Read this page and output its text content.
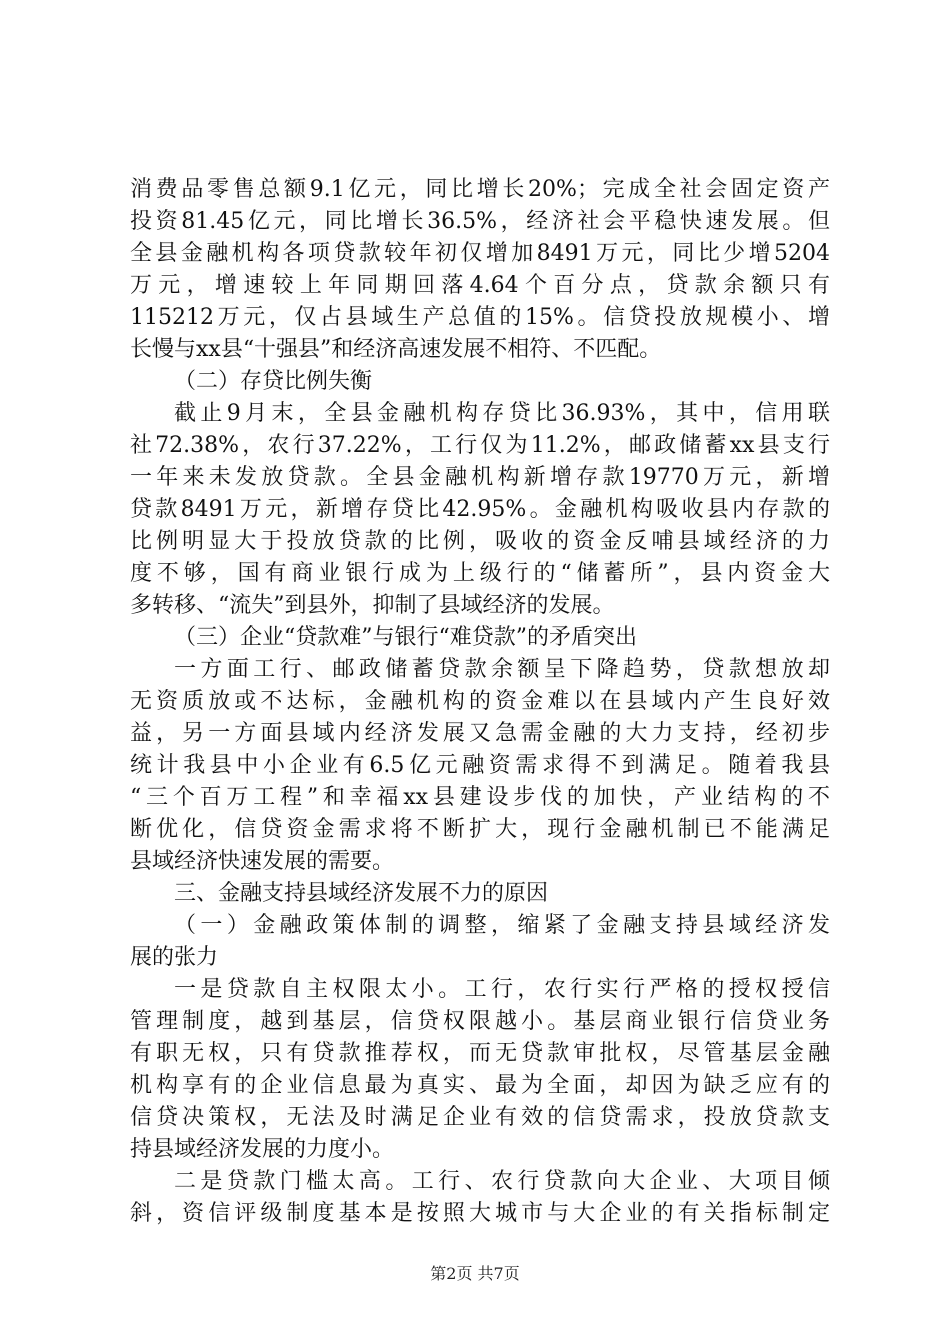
消费品零售总额9.1亿元，同比增长20%；完成全社会固定资产
投资81.45亿元，同比增长36.5%，经济社会平稳快速发展。但
全县金融机构各项贷款较年初仅增加8491万元，同比少增5204
万元，增速较上年同期回落4.64个百分点，贷款余额只有
115212万元，仅占县域生产总值的15%。信贷投放规模小、增
长慢与xx县“十强县”和经济高速发展不相符、不匹配。
（二）存贷比例失衡
截止9月末，全县金融机构存贷比36.93%，其中，信用联
社72.38%，农行37.22%，工行仅为11.2%，邮政储蓄xx县支行
一年来未发放贷款。全县金融机构新增存款19770万元，新增
贷款8491万元，新增存贷比42.95%。金融机构吸收县内存款的
比例明显大于投放贷款的比例，吸收的资金反哺县域经济的力
度不够，国有商业银行成为上级行的“储蓄所”，县内资金大
多转移、“流失”到县外，抑制了县域经济的发展。
（三）企业“贷款难”与银行“难贷款”的矛盾突出
一方面工行、邮政储蓄贷款余额呈下降趋势，贷款想放却
无资质放或不达标，金融机构的资金难以在县域内产生良好效
益，另一方面县域内经济发展又急需金融的大力支持，经初步
统计我县中小企业有6.5亿元融资需求得不到满足。随着我县
“三个百万工程”和幸福xx县建设步伐的加快，产业结构的不
断优化，信贷资金需求将不断扩大，现行金融机制已不能满足
县域经济快速发展的需要。
三、金融支持县域经济发展不力的原因
（一）金融政策体制的调整，缩紧了金融支持县域经济发
展的张力
一是贷款自主权限太小。工行，农行实行严格的授权授信
管理制度，越到基层，信贷权限越小。基层商业银行信贷业务
有职无权，只有贷款推荐权，而无贷款审批权，尽管基层金融
机构享有的企业信息最为真实、最为全面，却因为缺乏应有的
信贷决策权，无法及时满足企业有效的信贷需求，投放贷款支
持县域经济发展的力度小。
二是贷款门槛太高。工行、农行贷款向大企业、大项目倾
斜，资信评级制度基本是按照大城市与大企业的有关指标制定
第2页 共7页
